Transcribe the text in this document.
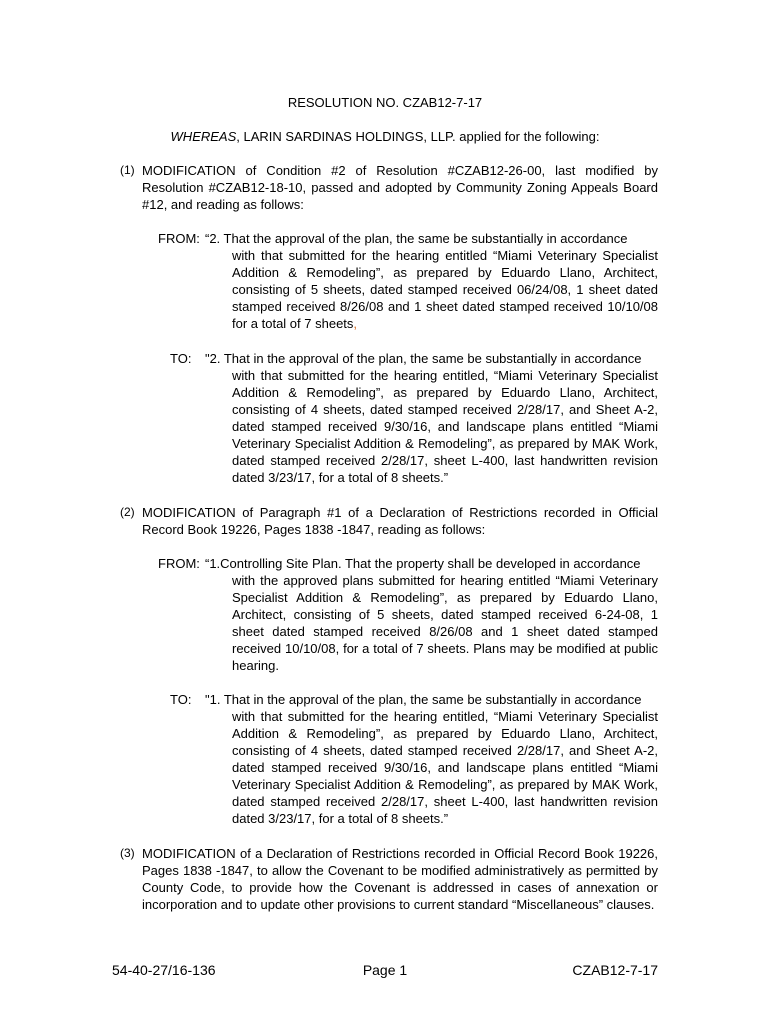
RESOLUTION NO. CZAB12-7-17
WHEREAS, LARIN SARDINAS HOLDINGS, LLP. applied for the following:
(1) MODIFICATION of Condition #2 of Resolution #CZAB12-26-00, last modified by Resolution #CZAB12-18-10, passed and adopted by Community Zoning Appeals Board #12, and reading as follows:
FROM: “2. That the approval of the plan, the same be substantially in accordance
with that submitted for the hearing entitled “Miami Veterinary Specialist Addition & Remodeling”, as prepared by Eduardo Llano, Architect, consisting of 5 sheets, dated stamped received 06/24/08, 1 sheet dated stamped received 8/26/08 and 1 sheet dated stamped received 10/10/08 for a total of 7 sheets,
TO: "2. That in the approval of the plan, the same be substantially in accordance
with that submitted for the hearing entitled, “Miami Veterinary Specialist Addition & Remodeling”, as prepared by Eduardo Llano, Architect, consisting of 4 sheets, dated stamped received 2/28/17, and Sheet A-2, dated stamped received 9/30/16, and landscape plans entitled “Miami Veterinary Specialist Addition & Remodeling”, as prepared by MAK Work, dated stamped received 2/28/17, sheet L-400, last handwritten revision dated 3/23/17, for a total of 8 sheets.”
(2) MODIFICATION of Paragraph #1 of a Declaration of Restrictions recorded in Official Record Book 19226, Pages 1838 -1847, reading as follows:
FROM: “1.Controlling Site Plan. That the property shall be developed in accordance
with the approved plans submitted for hearing entitled “Miami Veterinary Specialist Addition & Remodeling”, as prepared by Eduardo Llano, Architect, consisting of 5 sheets, dated stamped received 6-24-08, 1 sheet dated stamped received 8/26/08 and 1 sheet dated stamped received 10/10/08, for a total of 7 sheets. Plans may be modified at public hearing.
TO: "1. That in the approval of the plan, the same be substantially in accordance
with that submitted for the hearing entitled, “Miami Veterinary Specialist Addition & Remodeling”, as prepared by Eduardo Llano, Architect, consisting of 4 sheets, dated stamped received 2/28/17, and Sheet A-2, dated stamped received 9/30/16, and landscape plans entitled “Miami Veterinary Specialist Addition & Remodeling”, as prepared by MAK Work, dated stamped received 2/28/17, sheet L-400, last handwritten revision dated 3/23/17, for a total of 8 sheets.”
(3) MODIFICATION of a Declaration of Restrictions recorded in Official Record Book 19226, Pages 1838 -1847, to allow the Covenant to be modified administratively as permitted by County Code, to provide how the Covenant is addressed in cases of annexation or incorporation and to update other provisions to current standard “Miscellaneous” clauses.
54-40-27/16-136	Page 1	CZAB12-7-17
